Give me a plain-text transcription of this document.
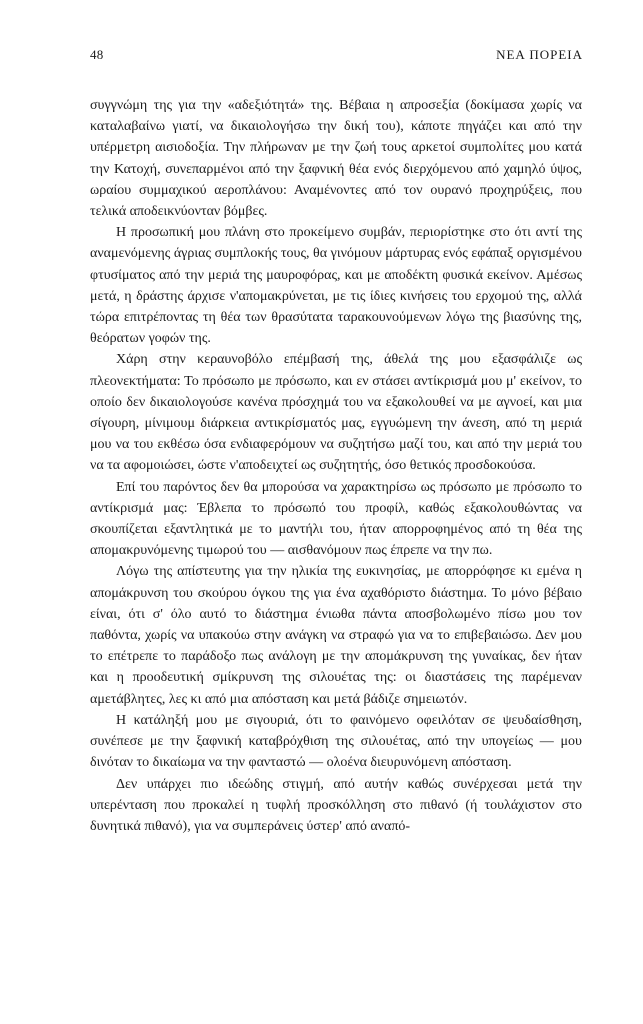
48	ΝΕΑ ΠΟΡΕΙΑ

συγγνώμη της για την «αδεξιότητά» της. Βέβαια η απροσεξία (δοκίμασα χωρίς να καταλαβαίνω γιατί, να δικαιολογήσω την δική του), κάποτε πηγάζει και από την υπέρμετρη αισιοδοξία. Την πλήρωναν με την ζωή τους αρκετοί συμπολίτες μου κατά την Κατοχή, συνεπαρμένοι από την ξαφνική θέα ενός διερχόμενου από χαμηλό ύψος, ωραίου συμμαχικού αεροπλάνου: Αναμένοντες από τον ουρανό προχηρύξεις, που τελικά αποδεικνύονταν βόμβες.

Η προσωπική μου πλάνη στο προκείμενο συμβάν, περιορίστηκε στο ότι αντί της αναμενόμενης άγριας συμπλοκής τους, θα γινόμουν μάρτυρας ενός εφάπαξ οργισμένου φτυσίματος από την μεριά της μαυροφόρας, και με αποδέκτη φυσικά εκείνον. Αμέσως μετά, η δράστης άρχισε ν'απομακρύνεται, με τις ίδιες κινήσεις του ερχομού της, αλλά τώρα επιτρέποντας τη θέα των θρασύτατα ταρακουνούμενων λόγω της βιασύνης της, θεόρατων γοφών της.

Χάρη στην κεραυνοβόλο επέμβασή της, άθελά της μου εξασφάλιζε ως πλεονεκτήματα: Το πρόσωπο με πρόσωπο, και εν στάσει αντίκρισμά μου μ' εκείνον, το οποίο δεν δικαιολογούσε κανένα πρόσχημά του να εξακολουθεί να με αγνοεί, και μια σίγουρη, μίνιμουμ διάρκεια αντικρίσματός μας, εγγυώμενη την άνεση, από τη μεριά μου να του εκθέσω όσα ενδιαφερόμουν να συζητήσω μαζί του, και από την μεριά του να τα αφομοιώσει, ώστε ν'αποδειχτεί ως συζητητής, όσο θετικός προσδοκούσα.

Επί του παρόντος δεν θα μπορούσα να χαρακτηρίσω ως πρόσωπο με πρόσωπο το αντίκρισμά μας: Έβλεπα το πρόσωπό του προφίλ, καθώς εξακολουθώντας να σκουπίζεται εξαντλητικά με το μαντήλι του, ήταν απορροφημένος από τη θέα της απομακρυνόμενης τιμωρού του — αισθανόμουν πως έπρεπε να την πω.

Λόγω της απίστευτης για την ηλικία της ευκινησίας, με απορρόφησε κι εμένα η απομάκρυνση του σκούρου όγκου της για ένα αχαθόριστο διάστημα. Το μόνο βέβαιο είναι, ότι σ' όλο αυτό το διάστημα ένιωθα πάντα αποσβολωμένο πίσω μου τον παθόντα, χωρίς να υπακούω στην ανάγκη να στραφώ για να το επιβεβαιώσω. Δεν μου το επέτρεπε το παράδοξο πως ανάλογη με την απομάκρυνση της γυναίκας, δεν ήταν και η προοδευτική σμίκρυνση της σιλουέτας της: οι διαστάσεις της παρέμεναν αμετάβλητες, λες κι από μια απόσταση και μετά βάδιζε σημειωτόν.

Η κατάληξή μου με σιγουριά, ότι το φαινόμενο οφειλόταν σε ψευδαίσθηση, συνέπεσε με την ξαφνική καταβρόχθιση της σιλουέτας, από την υπογείως — μου δινόταν το δικαίωμα να την φανταστώ — ολοένα διευρυνόμενη απόσταση.

Δεν υπάρχει πιο ιδεώδης στιγμή, από αυτήν καθώς συνέρχεσαι μετά την υπερένταση που προκαλεί η τυφλή προσκόλληση στο πιθανό (ή τουλάχιστον στο δυνητικά πιθανό), για να συμπεράνεις ύστερ' από αναπό-
